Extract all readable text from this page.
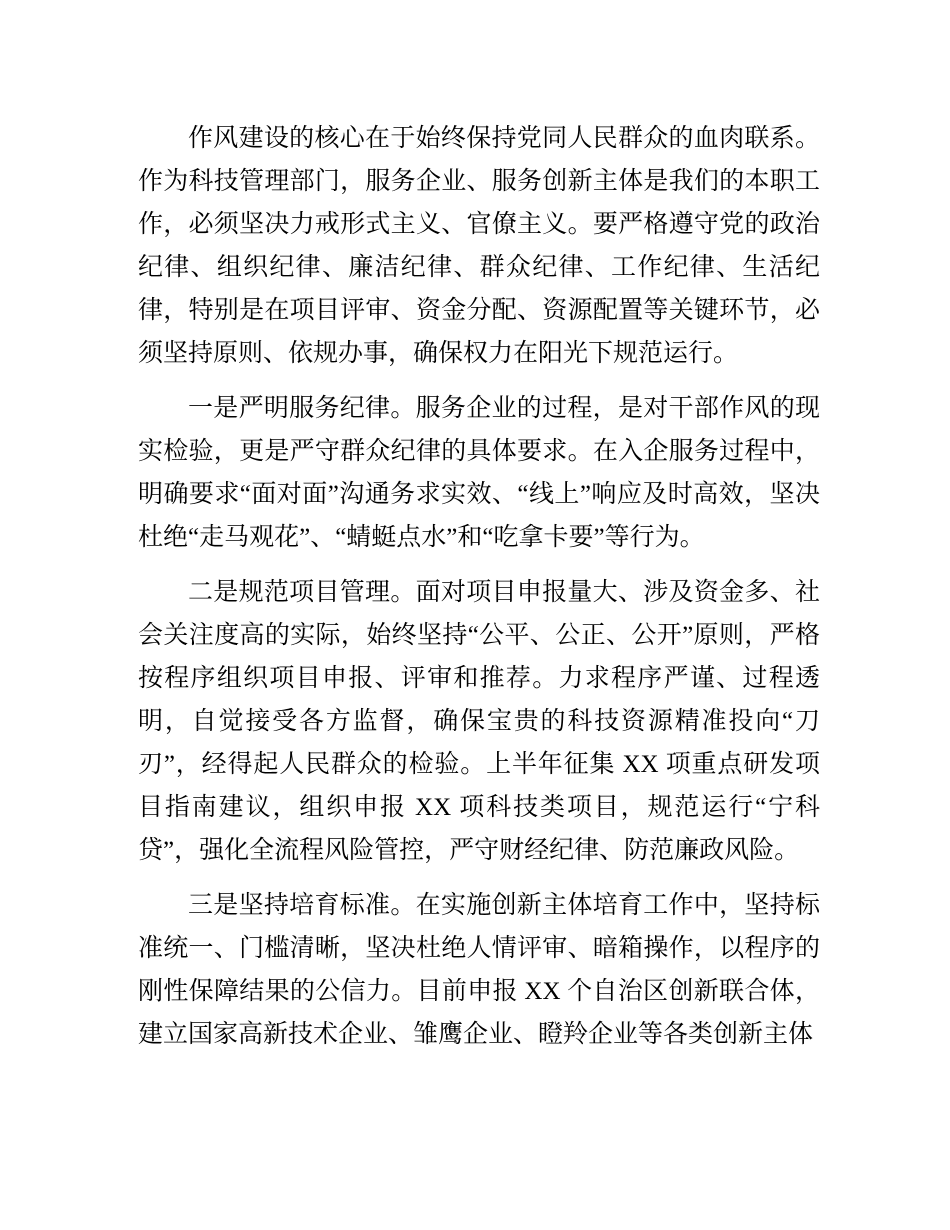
作风建设的核心在于始终保持党同人民群众的血肉联系。作为科技管理部门，服务企业、服务创新主体是我们的本职工作，必须坚决力戒形式主义、官僚主义。要严格遵守党的政治纪律、组织纪律、廉洁纪律、群众纪律、工作纪律、生活纪律，特别是在项目评审、资金分配、资源配置等关键环节，必须坚持原则、依规办事，确保权力在阳光下规范运行。

一是严明服务纪律。服务企业的过程，是对干部作风的现实检验，更是严守群众纪律的具体要求。在入企服务过程中，明确要求“面对面”沟通务求实效、“线上”响应及时高效，坚决杜绝“走马观花”、“蜻蜓点水”和“吃拿卡要”等行为。

二是规范项目管理。面对项目申报量大、涉及资金多、社会关注度高的实际，始终坚持“公平、公正、公开”原则，严格按程序组织项目申报、评审和推荐。力求程序严谨、过程透明，自觉接受各方监督，确保宝贵的科技资源精准投向“刀刃”，经得起人民群众的检验。上半年征集 XX 项重点研发项目指南建议，组织申报 XX 项科技类项目，规范运行“宁科贷”，强化全流程风险管控，严守财经纪律、防范廉政风险。

三是坚持培育标准。在实施创新主体培育工作中，坚持标准统一、门槛清晰，坚决杜绝人情评审、暗箱操作，以程序的刚性保障结果的公信力。目前申报 XX 个自治区创新联合体，建立国家高新技术企业、雏鹰企业、瞪羚企业等各类创新主体
